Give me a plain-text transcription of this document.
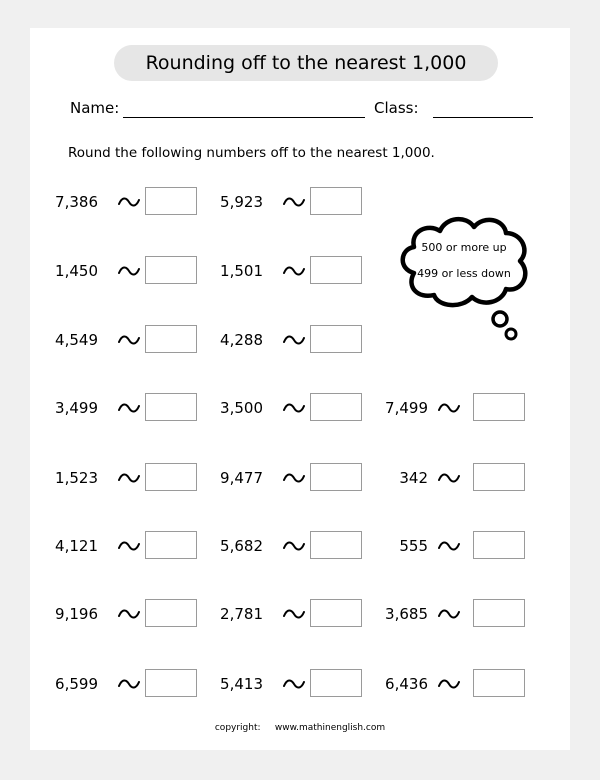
Rounding off to the nearest 1,000
Name:	Class:
Round the following numbers off to the nearest 1,000.
500 or more up
499 or less down
7,386	5,923
1,450	1,501
4,549	4,288
3,499	3,500	7,499
1,523	9,477	342
4,121	5,682	555
9,196	2,781	3,685
6,599	5,413	6,436
copyright: www.mathinenglish.com
